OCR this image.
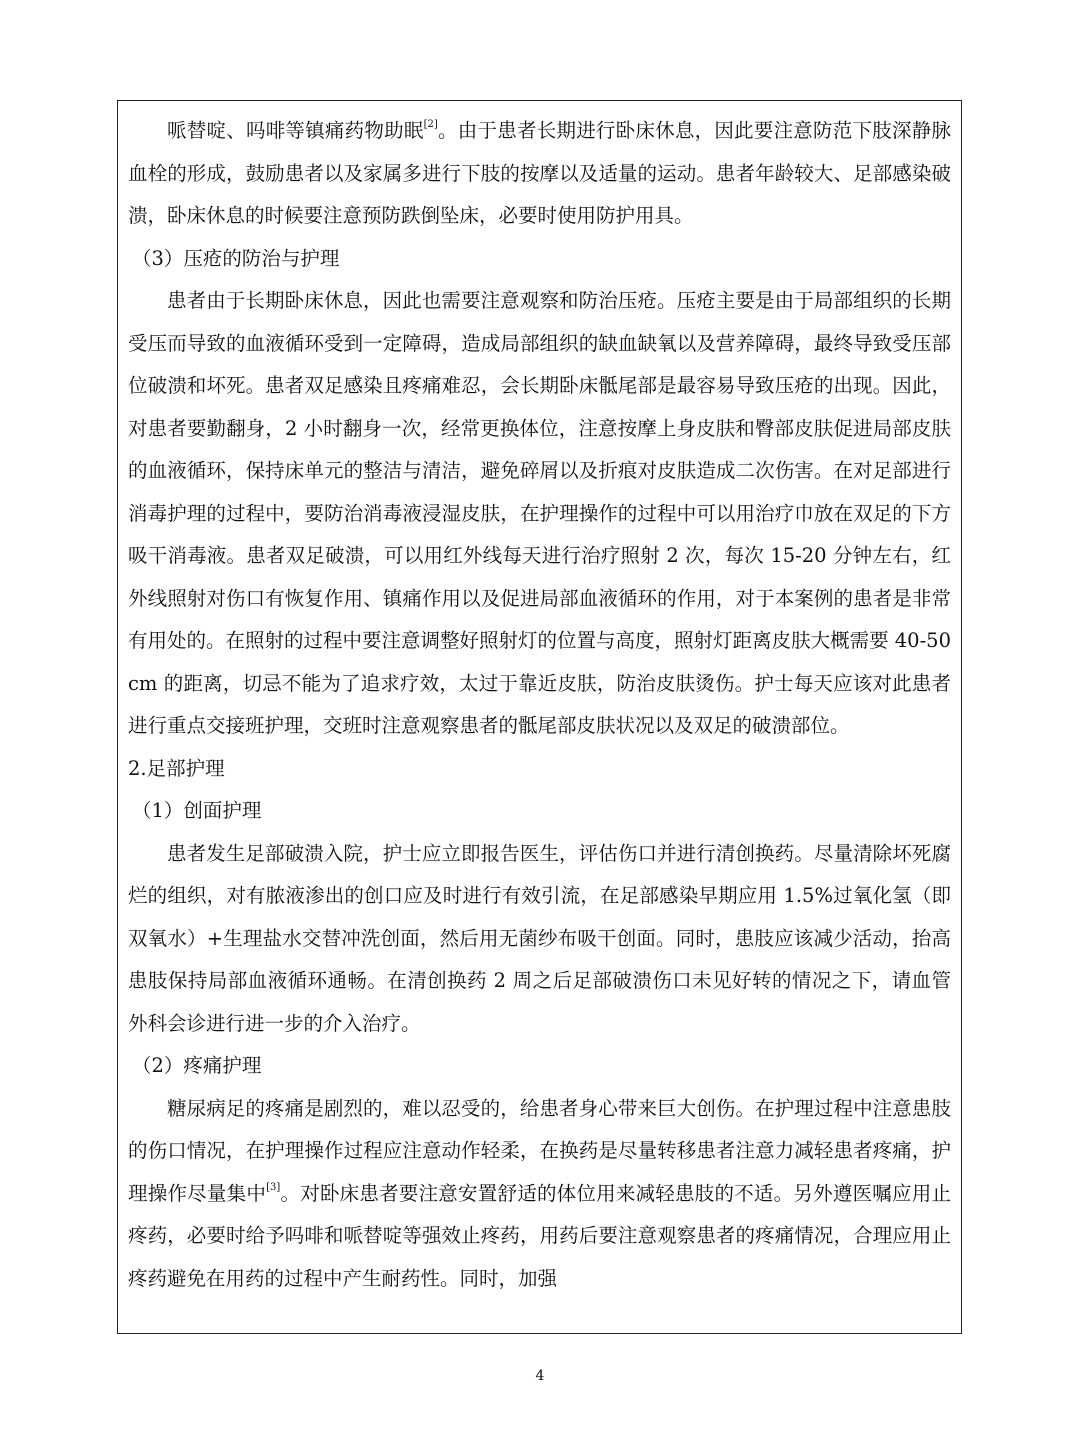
哌替啶、吗啡等镇痛药物助眠[2]。由于患者长期进行卧床休息，因此要注意防范下肢深静脉血栓的形成，鼓励患者以及家属多进行下肢的按摩以及适量的运动。患者年龄较大、足部感染破溃，卧床休息的时候要注意预防跌倒坠床，必要时使用防护用具。

（3）压疮的防治与护理

患者由于长期卧床休息，因此也需要注意观察和防治压疮。压疮主要是由于局部组织的长期受压而导致的血液循环受到一定障碍，造成局部组织的缺血缺氧以及营养障碍，最终导致受压部位破溃和坏死。患者双足感染且疼痛难忍，会长期卧床骶尾部是最容易导致压疮的出现。因此，对患者要勤翻身，2 小时翻身一次，经常更换体位，注意按摩上身皮肤和臀部皮肤促进局部皮肤的血液循环，保持床单元的整洁与清洁，避免碎屑以及折痕对皮肤造成二次伤害。在对足部进行消毒护理的过程中，要防治消毒液浸湿皮肤，在护理操作的过程中可以用治疗巾放在双足的下方吸干消毒液。患者双足破溃，可以用红外线每天进行治疗照射 2 次，每次 15-20 分钟左右，红外线照射对伤口有恢复作用、镇痛作用以及促进局部血液循环的作用，对于本案例的患者是非常有用处的。在照射的过程中要注意调整好照射灯的位置与高度，照射灯距离皮肤大概需要 40-50cm 的距离，切忌不能为了追求疗效，太过于靠近皮肤，防治皮肤烫伤。护士每天应该对此患者进行重点交接班护理，交班时注意观察患者的骶尾部皮肤状况以及双足的破溃部位。

2.足部护理

（1）创面护理

患者发生足部破溃入院，护士应立即报告医生，评估伤口并进行清创换药。尽量清除坏死腐烂的组织，对有脓液渗出的创口应及时进行有效引流，在足部感染早期应用 1.5%过氧化氢（即双氧水）+生理盐水交替冲洗创面，然后用无菌纱布吸干创面。同时，患肢应该减少活动，抬高患肢保持局部血液循环通畅。在清创换药 2 周之后足部破溃伤口未见好转的情况之下，请血管外科会诊进行进一步的介入治疗。

（2）疼痛护理

糖尿病足的疼痛是剧烈的，难以忍受的，给患者身心带来巨大创伤。在护理过程中注意患肢的伤口情况，在护理操作过程应注意动作轻柔，在换药是尽量转移患者注意力减轻患者疼痛，护理操作尽量集中[3]。对卧床患者要注意安置舒适的体位用来减轻患肢的不适。另外遵医嘱应用止疼药，必要时给予吗啡和哌替啶等强效止疼药，用药后要注意观察患者的疼痛情况，合理应用止疼药避免在用药的过程中产生耐药性。同时，加强

4
